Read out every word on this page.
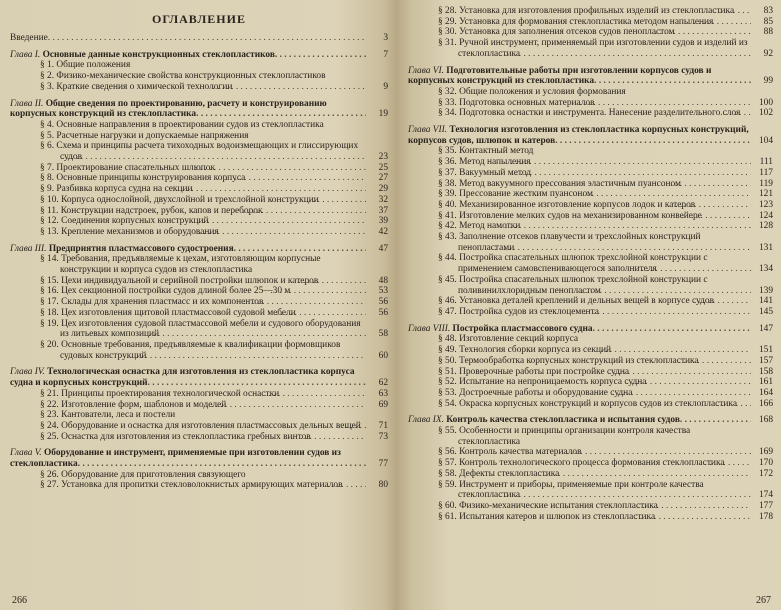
ОГЛАВЛЕНИЕ
Введение . . .	3
Глава I. Основные данные конструкционных стеклопластиков . . .	7
§ 1. Общие положения
§ 2. Физико-механические свойства конструкционных стеклопластиков
§ 3. Краткие сведения о химической технологии . . .	9
Глава II. Общие сведения по проектированию, расчету и конструированию корпусных конструкций из стеклопластика . . .	19
§ 4. Основные направления в проектировании судов из стеклопластика
§ 5. Расчетные нагрузки и допускаемые напряжения
§ 6. Схема и принципы расчета тихоходных водоизмещающих и глиссирующих судов . . .	23
§ 7. Проектирование спасательных шлюпок . . .	25
§ 8. Основные принципы конструирования корпуса . . .	27
§ 9. Разбивка корпуса судна на секции . . .	29
§ 10. Корпуса однослойной, двухслойной и трехслойной конструкции . . .	32
§ 11. Конструкции надстроек, рубок, капов и переборок . . .	37
§ 12. Соединения корпусных конструкций . . .	39
§ 13. Крепление механизмов и оборудования . . .	42
Глава III. Предприятия пластмассового судостроения . . .	47
§ 14. Требования, предъявляемые к цехам, изготовляющим корпусные конструкции и корпуса судов из стеклопластика
§ 15. Цехи индивидуальной и серийной постройки шлюпок и катеров . . .	48
§ 16. Цех секционной постройки судов длиной более 25—30 м . . .	53
§ 17. Склады для хранения пластмасс и их компонентов . . .	56
§ 18. Цех изготовления щитовой пластмассовой судовой мебели . . .	56
§ 19. Цех изготовления судовой пластмассовой мебели и судового оборудования из литьевых композиций . . .	58
§ 20. Основные требования, предъявляемые к квалификации формовщиков судовых конструкций . . .	60
Глава IV. Технологическая оснастка для изготовления из стеклопластика корпуса судна и корпусных конструкций . . .	62
§ 21. Принципы проектирования технологической оснастки . . .	63
§ 22. Изготовление форм, шаблонов и моделей . . .	69
§ 23. Кантователи, леса и постели
§ 24. Оборудование и оснастка для изготовления пластмассовых дельных вещей . . .	71
§ 25. Оснастка для изготовления из стеклопластика гребных винтов . . .	73
Глава V. Оборудование и инструмент, применяемые при изготовлении судов из стеклопластика . . .	77
§ 26. Оборудование для приготовления связующего
§ 27. Установка для пропитки стекловолокнистых армирующих материалов . . .	80
266
§ 28. Установка для изготовления профильных изделий из стеклопластика . . .	83
§ 29. Установка для формования стеклопластика методом напыления . . .	85
§ 30. Установка для заполнения отсеков судов пенопластом . . .	88
§ 31. Ручной инструмент, применяемый при изготовлении судов и изделий из стеклопластика . . .	92
Глава VI. Подготовительные работы при изготовлении корпусов судов и корпусных конструкций из стеклопластика . . .	99
§ 32. Общие положения и условия формования
§ 33. Подготовка основных материалов . . .	100
§ 34. Подготовка оснастки и инструмента. Нанесение разделительного слоя . . .	102
Глава VII. Технология изготовления из стеклопластика корпусных конструкций, корпусов судов, шлюпок и катеров . . .	104
§ 35. Контактный метод
§ 36. Метод напыления . . .	111
§ 37. Вакуумный метод . . .	117
§ 38. Метод вакуумного прессования эластичным пуансоном . . .	119
§ 39. Прессование жестким пуансоном . . .	121
§ 40. Механизированное изготовление корпусов лодок и катеров . . .	123
§ 41. Изготовление мелких судов на механизированном конвейере . . .	124
§ 42. Метод намотки . . .	128
§ 43. Заполнение отсеков плавучести и трехслойных конструкций пенопластами . . .	131
§ 44. Постройка спасательных шлюпок трехслойной конструкции с применением самовспенивающегося заполнителя . . .	134
§ 45. Постройка спасательных шлюпок трехслойной конструкции с поливинилхлоридным пенопластом . . .	139
§ 46. Установка деталей креплений и дельных вещей в корпусе судов . . .	141
§ 47. Постройка судов из стеклоцемента . . .	145
Глава VIII. Постройка пластмассового судна . . .	147
§ 48. Изготовление секций корпуса
§ 49. Технология сборки корпуса из секций . . .	151
§ 50. Термообработка корпусных конструкций из стеклопластика . . .	157
§ 51. Проверочные работы при постройке судна . . .	158
§ 52. Испытание на непроницаемость корпуса судна . . .	161
§ 53. Достроечные работы и оборудование судна . . .	164
§ 54. Окраска корпусных конструкций и корпусов судов из стеклопластика . . .	166
Глава IX. Контроль качества стеклопластика и испытания судов . . .	168
§ 55. Особенности и принципы организации контроля качества стеклопластика
§ 56. Контроль качества материалов . . .	169
§ 57. Контроль технологического процесса формования стеклопластика . . .	170
§ 58. Дефекты стеклопластика . . .	172
§ 59. Инструмент и приборы, применяемые при контроле качества стеклопластика . . .	174
§ 60. Физико-механические испытания стеклопластика . . .	177
§ 61. Испытания катеров и шлюпок из стеклопластика . . .	178
267
